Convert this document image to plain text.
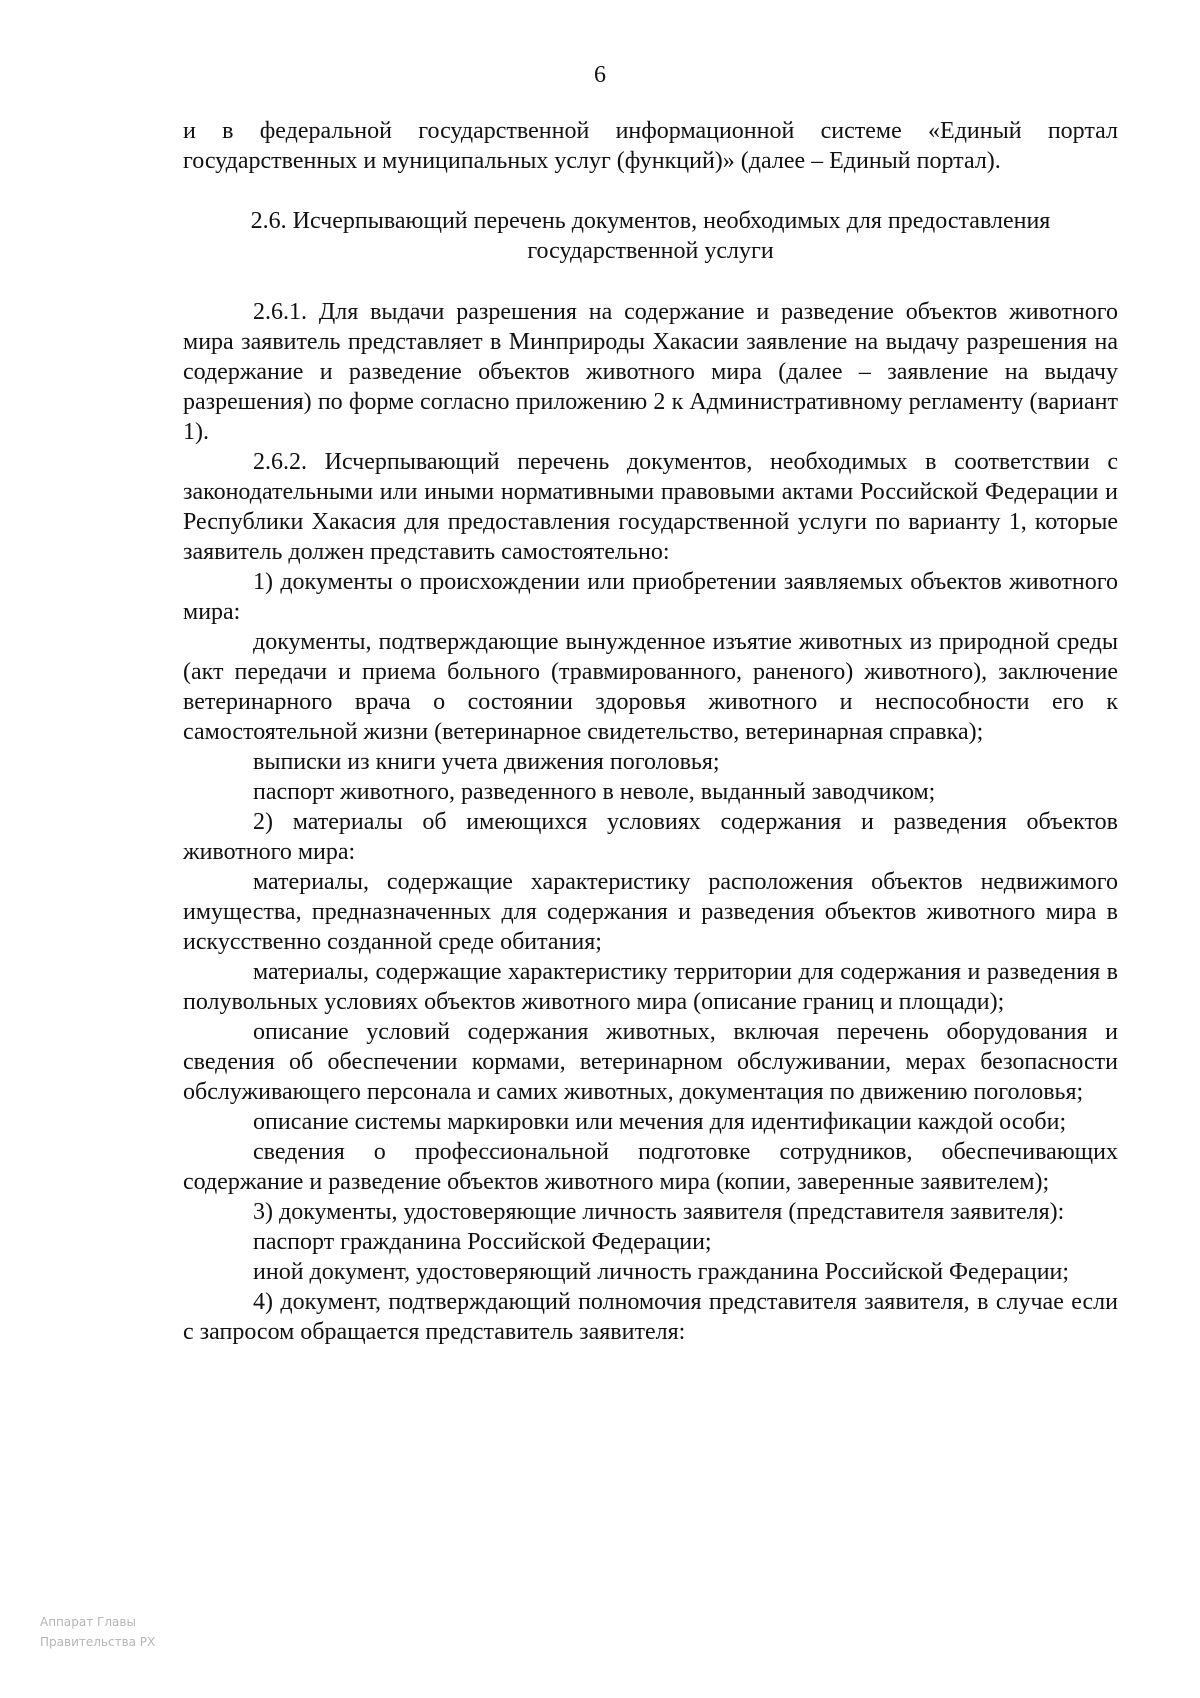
6

и в федеральной государственной информационной системе «Единый портал государственных и муниципальных услуг (функций)» (далее – Единый портал).

2.6. Исчерпывающий перечень документов, необходимых для предоставления государственной услуги

2.6.1. Для выдачи разрешения на содержание и разведение объектов животного мира заявитель представляет в Минприроды Хакасии заявление на выдачу разрешения на содержание и разведение объектов животного мира (далее – заявление на выдачу разрешения) по форме согласно приложению 2 к Административному регламенту (вариант 1).

2.6.2. Исчерпывающий перечень документов, необходимых в соответствии с законодательными или иными нормативными правовыми актами Российской Федерации и Республики Хакасия для предоставления государственной услуги по варианту 1, которые заявитель должен представить самостоятельно:

1) документы о происхождении или приобретении заявляемых объектов животного мира:

документы, подтверждающие вынужденное изъятие животных из природной среды (акт передачи и приема больного (травмированного, раненого) животного), заключение ветеринарного врача о состоянии здоровья животного и неспособности его к самостоятельной жизни (ветеринарное свидетельство, ветеринарная справка);

выписки из книги учета движения поголовья;

паспорт животного, разведенного в неволе, выданный заводчиком;

2) материалы об имеющихся условиях содержания и разведения объектов животного мира:

материалы, содержащие характеристику расположения объектов недвижимого имущества, предназначенных для содержания и разведения объектов животного мира в искусственно созданной среде обитания;

материалы, содержащие характеристику территории для содержания и разведения в полувольных условиях объектов животного мира (описание границ и площади);

описание условий содержания животных, включая перечень оборудования и сведения об обеспечении кормами, ветеринарном обслуживании, мерах безопасности обслуживающего персонала и самих животных, документация по движению поголовья;

описание системы маркировки или мечения для идентификации каждой особи;

сведения о профессиональной подготовке сотрудников, обеспечивающих содержание и разведение объектов животного мира (копии, заверенные заявителем);

3) документы, удостоверяющие личность заявителя (представителя заявителя):

паспорт гражданина Российской Федерации;

иной документ, удостоверяющий личность гражданина Российской Федерации;

4) документ, подтверждающий полномочия представителя заявителя, в случае если с запросом обращается представитель заявителя:

Аппарат Главы
Правительства РХ
